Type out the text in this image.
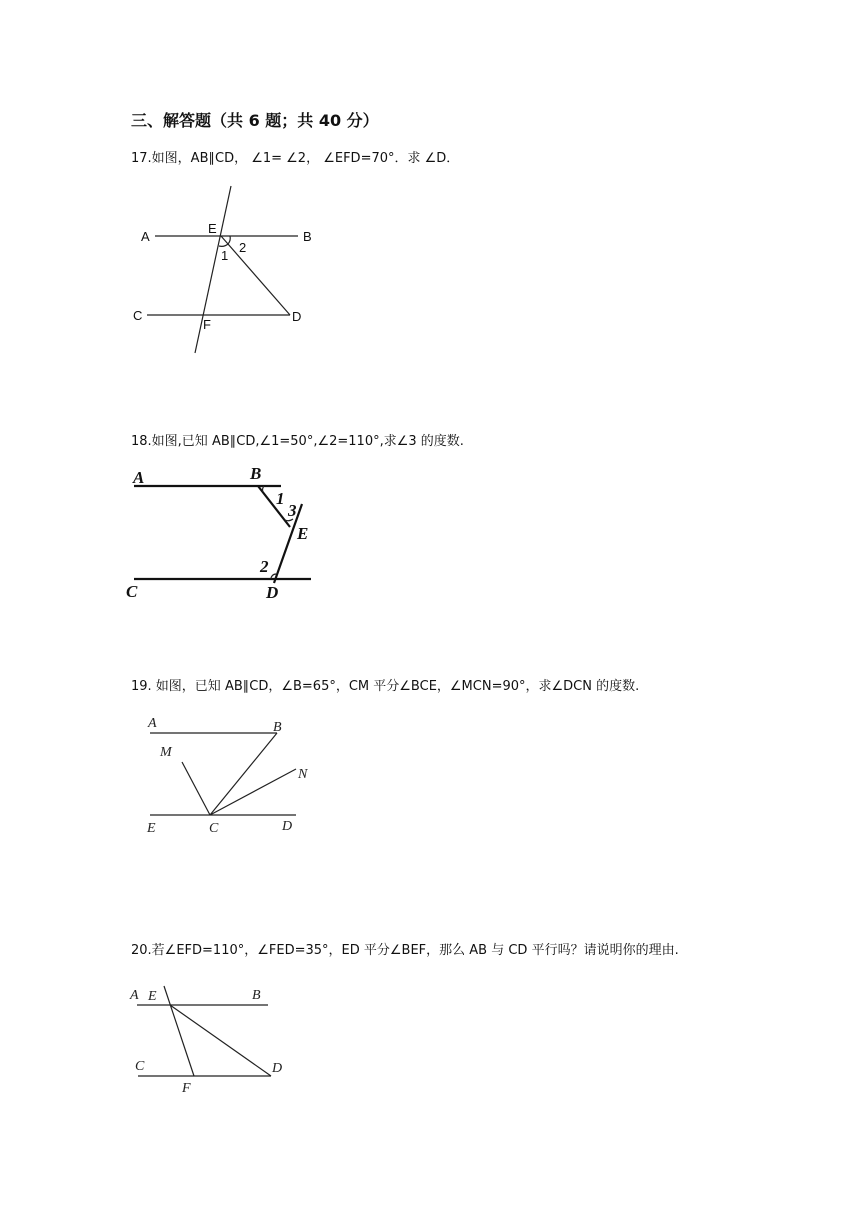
三、解答题（共 6 题；共 40 分）
17.如图，AB∥CD， ∠1= ∠2， ∠EFD=70°．求 ∠D．
18.如图,已知 AB∥CD,∠1=50°,∠2=110°,求∠3 的度数.
19. 如图，已知 AB∥CD，∠B=65°，CM 平分∠BCE，∠MCN=90°，求∠DCN 的度数.
20.若∠EFD=110°，∠FED=35°，ED 平分∠BEF，那么 AB 与 CD 平行吗？请说明你的理由.
A	B
C	D
E
F
1
2
A	B
C	D
E
1
3
2
A	B
M
N
E	C	D
A E	B
C
F
D
